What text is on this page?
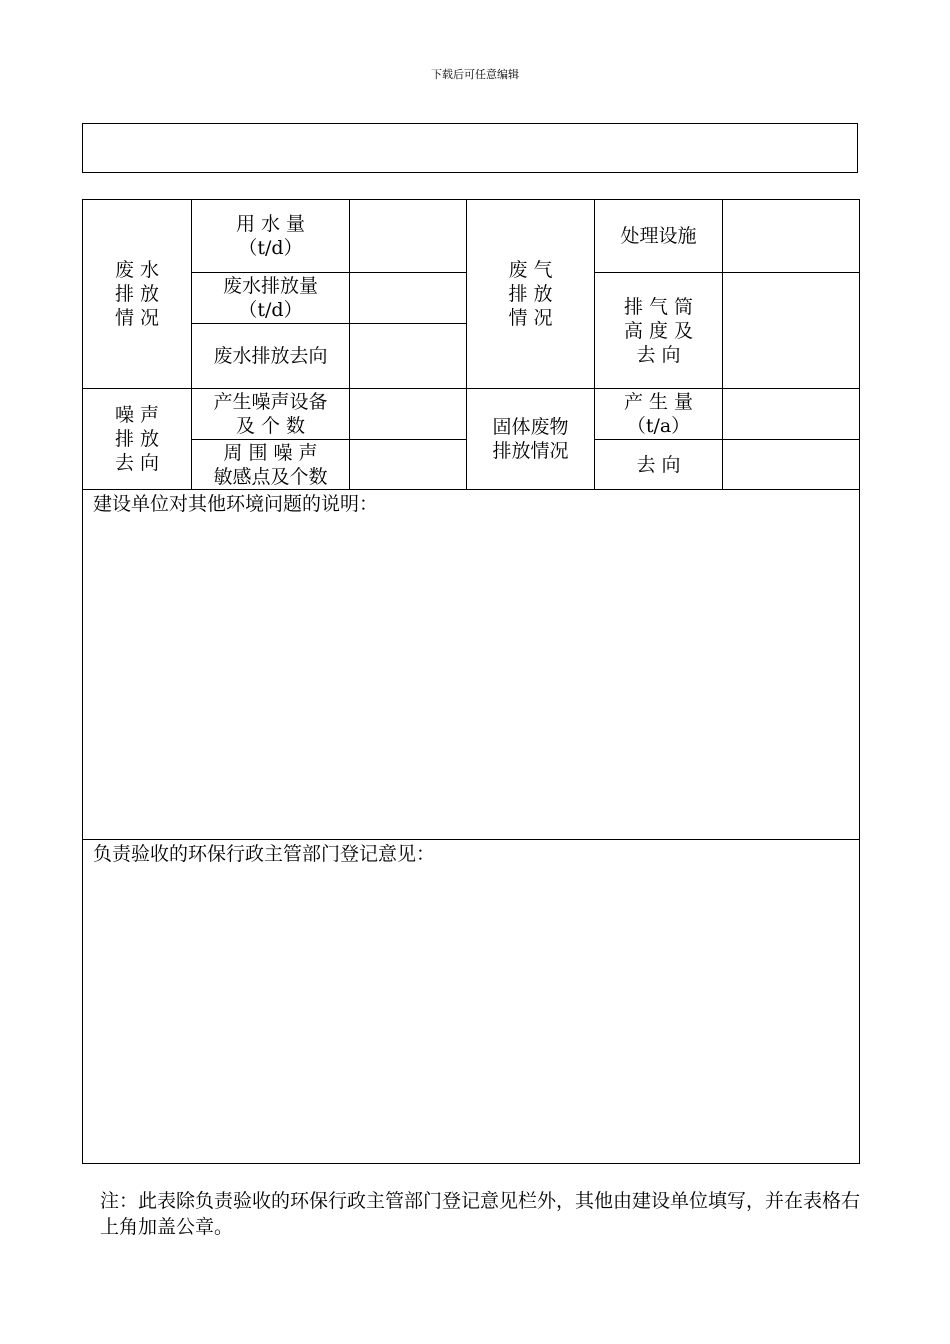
下载后可任意编辑
废 水
排 放
情 况
用 水 量
（t/d）
废水排放量
（t/d）
废水排放去向
废 气
排 放
情 况
处理设施
排 气 筒
高 度 及
去 向
噪 声
排 放
去 向
产生噪声设备
及 个 数
周 围 噪 声
敏感点及个数
固体废物
排放情况
产 生 量
（t/a）
去 向
建设单位对其他环境问题的说明：
负责验收的环保行政主管部门登记意见：
注：此表除负责验收的环保行政主管部门登记意见栏外，其他由建设单位填写，并在表格右上角加盖公章。
